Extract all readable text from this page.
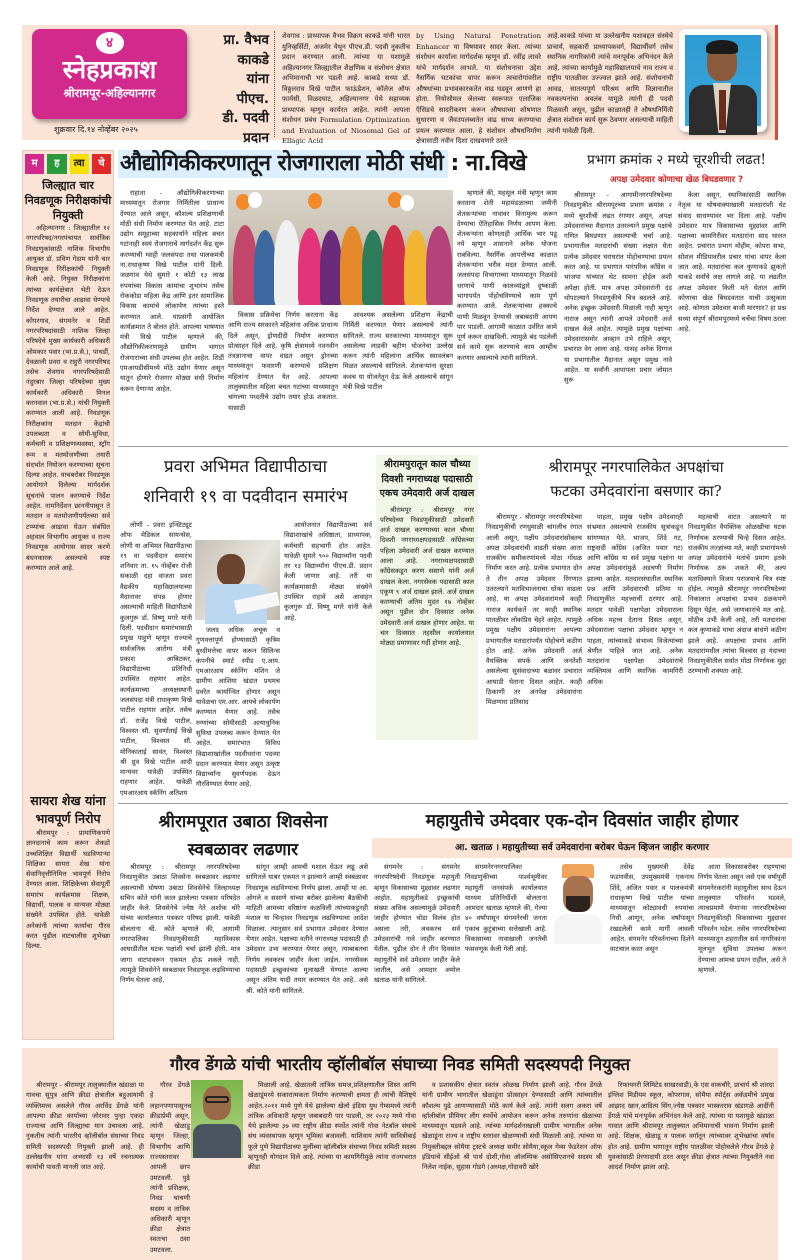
४
स्नेहप्रकाश
श्रीरामपूर-अहिल्यानगर
शुक्रवार दि.१४ नोव्हेंबर २०२५
प्रा. वैभव
काकडे
यांना
पीएच.
डी. पदवी
प्रदान
शेवगाव : प्राध्यापक वैभव विक्रम काकडे यांनी भारत युनिव्हर्सिटी, अजमेर येथून पीएच.डी. पदवी नुकतीच प्रदान करण्यात आली. त्यांच्या या यशामुळे अहिल्यानगर जिल्ह्यातील शैक्षणिक व संशोधन क्षेत्रात अभिमानाची भर पडली आहे. काकडे सध्या डॉ. विठ्ठलराव विखे पाटील फाऊंडेशन, कॉलेज ऑफ फार्मसी, विळदघाट, अहिल्यानगर येथे सहाय्यक प्राध्यापक म्हणून कार्यरत आहेत. त्यांनी आपला संशोधन प्रबंध Formulation Optimization and Evaluation of Niosomal Gel of Ellagic Acid
by Using Natural Penetration Enhancer या विषयावर सादर केला. त्यांच्या संशोधन कार्याला मार्गदर्शक म्हणून डॉ. रवींद्र लावरे यांचे मार्गदर्शन लाभले. या संशोधनाचा उद्देश नैसर्गिक घटकांचा वापर करून त्वचारोगांवरील औषधांच्या प्रभावकारकतेत वाढ घडवून आणणे हा होता. नियोसोमल जेलच्या स्वरूपात एलाजिक ऍसिडचे सादरीकरण करून औषधाच्या शोषणात सुधारणा व जैवउपलब्धतेत वाढ साध्य करण्याचा प्रयत्न करण्यात आला. हे संशोधन औषधनिर्माण क्षेत्रासाठी नवीन दिशा दाखवणारे ठरले
आहे.काकडे यांच्या या उल्लेखनीय यशाबद्दल संस्थेचे प्राचार्य, सहकारी प्राध्यापकवर्ग, विद्यार्थीवर्ग तसेच स्थानिक नागरिकांनी त्यांचे मनःपूर्वक अभिनंदन केले आहे. त्यांच्या कार्यामुळे महाविद्यालयाचे नाव राज्य व राष्ट्रीय पातळीवर उज्ज्वल झाले आहे. संशोधनाची आवड, सातत्यपूर्ण परिश्रम आणि विज्ञानातील नवकल्पनांचा अवलंब यामुळे त्यांनी ही पदवी मिळवली असून, पुढील काळातही ते औषधनिर्मिती क्षेत्रात संशोधन कार्य सुरू ठेवणार असल्याची माहिती त्यांनी यावेळी दिली.
म	ह	त्वा	चे
जिल्ह्यात चार निवडणूक निरीक्षकांची नियुक्ती

अहिल्यानगर : जिल्ह्यातील १२ नगरपरिषद/नगरपंचायत सार्वत्रिक निवडणुकांसाठी नाशिक विभागीय आयुक्त डॉ. प्रविण गेडाम यांनी चार निवडणूक निरीक्षकांची नियुक्ती केली आहे. नियुक्त निरीक्षकांना त्यांच्या कार्यक्षेत्रात भेटी देऊन निवडणूक तयारीचा आढावा घेण्याचे निर्देश देण्यात आले आहेत. कोपरगाव, संगमनेर व शिर्डी नगरपरिषदांसाठी नाशिक जिल्हा परिषदेचे मुख्य कार्यकारी अधिकारी ओमकार पवार (भा.प्र.से.), पाथर्डी, देवळाली प्रवरा व राहुरी नगरपरिषद तसेच शेवगाव नगरपरिषदेसाठी नंदुरबार जिल्हा परिषदेच्या मुख्य कार्यकारी अधिकारी मिनल करनवाल (भा.प्र.से.) यांची नियुक्ती करण्यात आली आहे. निवडणूक निरीक्षकांना मतदान केंद्रांची उपलब्धता व सोयी-सुविधा, कर्मचारी व प्रशिक्षणव्यवस्था, स्ट्राँग रूम व मतमोजणीच्या तयारी संदर्भात नियोजन करण्याच्या सूचना दिल्या आहेत. याचबरोबर निवडणूक आयोगाने दिलेल्या मार्गदर्शक सूचनांचे पालन करण्याचे निर्देश आहेत. नामनिर्देशन छाननीपासून ते मतदान व मतमोजणीपर्यंतच्या सर्व टप्प्यांचा आढावा घेऊन संबंधित अहवाल विभागीय आयुक्त व राज्य निवडणूक आयोगास सादर करणे बंधनकारक असल्याचे स्पष्ट करण्यात आले आहे.

सायरा शेख यांना भावपूर्ण निरोप

श्रीरामपूर : प्रामाणिकपणे ज्ञानदानाचे काम करून शेकडो उच्चशिक्षित विद्यार्थी घडविणाऱ्या शिक्षिका सायरा शेख यांना सेवानिवृत्तीनिमित्त भावपूर्ण निरोप देण्यात आला. शिक्षिकेच्या सेवापूर्ती समारंभ कार्यक्रमास शिक्षक, विद्यार्थी, पालक व मान्यवर मोठ्या संख्येने उपस्थित होते. यावेळी अनेकांनी त्यांच्या कार्याचा गौरव करत पुढील वाटचालीस शुभेच्छा दिल्या.

औद्योगिकीकरणातून रोजगाराला मोठी संधी : ना.विखे

राहाता - औद्योगिकीकरणाच्या माध्यमातून रोजगार निर्मितीला प्राधान्य देण्यात आले असून, कौशल्य प्रशिक्षणाची मोठी संधी निर्माण करण्यात येत आहे. टाटा उद्योग समूहाच्या सहकार्याने महिला बचत गटांनाही स्वयं रोजगाराचे मार्गदर्शन केंद्र सुरू करण्याची ग्वाही जलसंपदा तथा पालकमंत्री ना.राधाकृष्ण विखे पाटील यांनी दिली. जळगाव येथे सुमारे १ कोटी १३ लाख रुपयांच्या विकास कामांचा शुभारंभ तसेच रोककोडा महिला केंद्र आणि इतर सामाजिक विकास कामांचे लोकार्पण त्यांच्या हस्ते करण्यात आले. याप्रसंगी आयोजित कार्यक्रमात ते बोलत होते. आपल्या भाषणात मंत्री विखे पाटील म्हणाले की, औद्योगिकीकरणामुळे ग्रामीण भागात रोजगाराच्या संधी उपलब्ध होत आहेत. शिर्डी एमआयडीसीमध्ये मोठे उद्योग येणार असून यातून होणारे रोजगार मोठ्या संधी निर्माण करून देणाऱ्या आहेत.

विकास प्रक्रियेचा निर्णय करताना केंद्र आणि राज्य सरकारने महिलांना अधिक प्राधान्य दिले असून, ड्रोणदीदी निर्माण करण्यात प्रोत्साहन दिले आहे. कृषि क्षेत्रामध्ये नवनवीन तंत्रज्ञानाचा वापर वाढत असून ड्रोनच्या माध्यमातून फवारणी करण्याचे प्रशिक्षण महिलांना देण्यात येत आहे. आपल्या तालुक्यातील महिला बचत गटांच्या माध्यमातून चांगल्या पध्दतीचे उद्योग तयार होऊ शकतात. यासाठी

आवश्यक असलेल्या प्रशिक्षण केंद्राची निर्मिती करण्यात येणार असल्याचे त्यांनी सांगितले. राज्य सरकारच्या माध्यमातून सुरू असलेल्या लाडकी बहीण योजनेचा उल्लेख करून त्यांनी महिलांना आर्थिक स्वावलंबन मिळत असल्याचे सांगितले. शेतकऱ्यांना सुरक्षा कवच या योजनेतून देऊ केले असल्याचे सांगून मंत्री विखे पाटील

म्हणाले की, महसूल मंत्री म्हणून काम करताना शेती महामंडळाच्या जमीनी शेतकऱ्यांच्या नावावर विनामुल्य करून देण्याचा ऐतिहासिक निर्णय आपण केला. शेतकऱ्यांना कोणताही आर्थिक भार पडू नये म्हणून शासनाने अनेक योजना राबविल्या. नैसर्गिक आपत्तीच्या काळात शेतकऱ्यांना भरीव मदत देण्यात आली. जलसंपदा विभागाच्या माध्यमातून निळवंडे धरणाचे पाणी कालव्यांद्वारे दुष्काळी भागापर्यंत पोहोचविण्याचे काम पूर्ण करण्यात आले. शेतकऱ्यांच्या हक्काचे पाणी मिळवून देण्याची जबाबदारी आपण पार पाडली. आगामी काळात उर्वरित कामे पूर्ण करून दाखविली. त्यामुळे बंद पडलेली सर्व कामे सुरू करण्याचे काम आम्हीच करणार असल्याचे त्यांनी सांगितले.

प्रभाग क्रमांक २ मध्ये चूरशीची लढत!
अपक्ष उमेदवार कोणाचा खेळ बिघडवणार ?

श्रीरामपूर - आगामीनगरपरिषदेच्या निवडणुकीत श्रीरामपूरच्या प्रभाग क्रमांक २ मध्ये चुरशीची लढत रंगणार असून, अपक्ष उमेदवारांच्या मैदानात उतरल्याने प्रमुख पक्षांचे गणित बिघडणार असल्याची चर्चा आहे. प्रभागातील मतदारांची संख्या लक्षात घेता प्रत्येक उमेदवार घराघरांत पोहोचण्याचा प्रयत्न करत आहे. या प्रभागात पारंपरिक काँग्रेस व भाजपा यांच्यात थेट सामना होईल अशी अपेक्षा होती. मात्र अपक्ष उमेदवारांनी दंड थोपटल्याने निवडणुकीचे चित्र बदलले आहे. अनेक इच्छुक उमेदवारी मिळाली नाही म्हणून नाराज असून त्यांनी आपले उमेदवारी अर्ज दाखल केले आहेत. त्यामुळे प्रमुख पक्षांच्या उमेदवारांसमोर आव्हान उभे राहिले असून, प्रचारात वेग आला आहे. यासह अनेक दिग्गज या प्रभागातील मैदानात असून प्रमुख नावे आहेत. या सर्वांनी आपापला प्रचार जोमात सुरू

केला असून, स्थानिकांसाठी स्थानिक नेतृत्व या घोषवाक्याखाली मतदारांशी थेट संवाद साधण्यावर भर दिला आहे. पक्षीय उमेदवार मात्र विकासाच्या मुद्द्यांवर आणि पक्षाच्या कामगिरीवर मतदारांना साद घालत आहेत. प्रचारात प्रभाग मोहीम, कोपरा सभा, सोशल मीडियावरील प्रचार यांचा वापर केला जात आहे. मतदारांचा कल कुणाकडे झुकतो याकडे सर्वांचे लक्ष लागले आहे. या लढतीत अपक्ष उमेदवार किती मते घेतात आणि कोणाचा खेळ बिघडवतात याची उत्सुकता आहे. कोणता उमेदवार बाजी मारणार? हा प्रश्न सध्या संपूर्ण श्रीरामपूरमध्ये चर्चेचा विषय ठरला आहे.

प्रवरा अभिमत विद्यापीठाचा
शनिवारी १९ वा पदवीदान समारंभ

लोणी - प्रवरा इन्स्टिट्यूट ऑफ मेडिकल सायन्सेस, लोणी या अभिमत विद्यापीठाचा १९ वा पदवीदान समारंभ शनिवार ता. १५ नोव्हेंबर रोजी सकाळी दहा वाजता प्रवरा वैद्यकीय महाविद्यालयाच्या मैदानावर संपन्न होणार असल्याची माहिती विद्यापीठाचे कुलगुरू डॉ. विष्णू मगरे यांनी दिली. पदवीदान समारंभासाठी प्रमुख पाहुणे म्हणून राज्याचे सार्वजनिक आरोग्य मंत्री प्रकाश आबिटकर, विद्यापीठाच्या प्रतिनिधी उपस्थित राहणार आहेत. कार्यक्रमाच्या अध्यक्षस्थानी जलसंपदा मंत्री राधाकृष्ण विखे पाटील राहणार आहेत. तसेच डॉ. राजेंद्र विखे पाटील, विश्वस्त सौ. सुवर्णाताई विखे पाटील, विश्वस्त सौ. मोनिकाताई सावंत, विश्वस्त श्री ध्रुव विखे पाटील आदी मान्यवर यावेळी उपस्थित राहणार आहेत. यावेळी एमआरआय स्कॅनिंग अतिशय

जलद अधिक अचूक व गुणवत्तापूर्ण होण्यासाठी कृत्रिम बुध्दीमत्तेचा वापर करून सिलिन्स कंपनीचे स्मार्ट स्पीड ए.आय. एमआरआय स्कॅनिंग मशिन जे ग्रामीण आशिया खंडात प्रथमच प्रवरेत कार्यान्वित होणार असून यावेळचा एम.आर. आयचे लोकार्पण करण्यात येणार आहे. तसेच रुग्णांच्या सोयीसाठी अत्याधुनिक सुविधा उपलब्ध करून देण्यात येत आहेत. समारंभात विविध विद्याशाखांतील पदवीधरांना पदव्या प्रदान करण्यात येणार असून उत्कृष्ट विद्यार्थ्यांना सुवर्णपदक देऊन गौरविण्यात येणार आहे.

आयोजनात विद्यापीठाच्या सर्व विद्याशाखांचे अधिष्ठाता, प्राध्यापक, कर्मचारी सहभागी होत आहेत. यावेळी सुमारे ९०० विद्यार्थ्यांना पदवी तर १३ विद्यार्थ्यांना पीएच.डी. प्रदान केली जाणार आहे. तरी या कार्यक्रमासाठी मोठ्या संख्येने उपस्थित राहावे असे आवाहन कुलगुरू डॉ. विष्णू मगरे यांनी केले आहे.

श्रीरामपुरातून काल चौथ्या दिवशी नगराध्यक्ष पदासाठी एकच उमेदवारी अर्ज दाखल

श्रीरामपूर : श्रीरामपूर नगर परिषदेच्या निवडणुकीसाठी उमेदवारी अर्ज दाखल करण्याच्या काल चौथ्या दिवशी नगराध्यक्षपदासाठी काँग्रेसच्या पहिला उमेदवारी अर्ज दाखल करण्यात आला आहे. नगराध्यक्षपदासाठी काँग्रेसकडून करण ससाणे यांनी अर्ज दाखल केला. नगरसेवक पदासाठी काल एकूण ९ अर्ज दाखल झाले. अर्ज दाखल करण्याची अंतिम मुदत १७ नोव्हेंबर असून पुढील दोन दिवसात अनेक उमेदवारी अर्ज दाखल होणार आहेत. या चार दिवसात तहसील कार्यालयात मोठ्या प्रमाणावर गर्दी होणार आहे.

श्रीरामपूर नगरपालिकेत अपक्षांचा
फटका उमेदवारांना बसणार का?

श्रीरामपूर - श्रीरामपूर नगरपरिषदेच्या निवडणुकीची रणधुमाळी चांगलीच रंगात आली असून, पक्षीय उमेदवारांसोबतच अपक्ष उमेदवारांची वाढती संख्या आता राजकीय समीकरणांमध्ये मोठा गोंधळ निर्माण करत आहे. प्रत्येक प्रभागात दोन ते तीन अपक्ष उमेदवार रिंगणात उतरल्याने मतविभाजनाचा धोका वाढला आहे. या अपक्ष उमेदवारांमध्ये काही नाराज कार्यकर्ते तर काही स्थानिक पातळीवर लोकप्रिय चेहरे आहेत. त्यामुळे प्रमुख पक्षीय उमेदवारांना आपल्या प्रभागातील मतदारांपर्यंत पोहोचणे कठीण होत आहे. अनेक उमेदवारी अर्ज वैयक्तिक संपर्क आणि जनतेशी असलेल्या सुसंवादाच्या बळावर प्रचारात आघाडी घेताना दिसत आहेत. काही ठिकाणी तर अनपेक्ष उमेदवारांना मिळणारा प्रतिसाद

पाहता, प्रमुख पक्षीय उमेदवारही संभ्रमात असल्याचे राजकीय सूत्रांकडून सांगण्यात येते. भाजप, शिंदे गट, राष्ट्रवादी काँग्रेस (अजित पवार गट) आणि काँग्रेस या सर्व प्रमुख पक्षांना या अपक्ष उमेदवारांमुळे अडचणी निर्माण झाल्या आहेत. मतदारसंघातील स्थानिक प्रश्न आणि उमेदवाराची प्रतिमा या निवडणुकीत महत्त्वाची ठरणार आहे. मतदार यावेळी पक्षापेक्षा उमेदवाराला अधिक महत्त्व देताना दिसत असून, उमेदवाराला पक्षाचा उमेदवार म्हणून न पाहता, त्यांच्याकडे संभाव्य विजेत्यांच्या श्रेणीत पाहिले जात आहे. अनेक मतदारांना पक्षापेक्षा उमेदवाराचे व्यक्तिमत्व आणि स्थानिक कामगिरी अधिक

महत्वाची वाटत असल्याने या निवडणुकीत वैयक्तिक ओळखीचा घटक निर्णायक ठरण्याची चिन्हे दिसत आहेत. राजकीय तज्ज्ञांच्या मते, काही प्रभागांमध्ये अपक्ष उमेदवारांचे मतांचे प्रमाण इतके निर्णायक ठरू शकते की, अल्प मताधिक्याने विजय पराजयाचे चित्र स्पष्ट होईल. त्यामुळे श्रीरामपूर नगरपरिषदेच्या निकालात अपक्षांचा प्रभाव ठळकपणे दिसून येईल, असे जाणकारांचे मत आहे. मोठीच उभी केली आहे, तरी मतदारांचा कल कुणाकडे याचा अंदाज बांधणे कठीण झाले आहे. अपक्षांचा प्रभाव आणि मतदारांमधील त्यांचा विश्वास हा यंदाच्या निवडणुकीतील सर्वात मोठा निर्णायक मुद्दा ठरण्याची शक्यता आहे.

श्रीरामपूरात उबाठा शिवसेना
स्वबळावर लढणार

श्रीरामपूर : श्रीरामपूर नगरपरिषदेच्या निवडणुकीत उबाठा शिवसेना स्वबळावर लढणार असल्याची घोषणा उबाठा शिवसेनेचे जिल्हाध्यक्ष सचिन कोते यांनी काल झालेल्या पत्रकार परिषदेत जाहीर केले. शिवसेनेचे ज्येष्ठ नेते अशोक थोरे यांच्या कार्यालयात पत्रकार परिषद झाली. यावेळी बोलताना श्री. कोते म्हणाले की, आगामी नगरपालिका निवडणुकीसाठी महाविकास आघाडीतील घटक पक्षांशी चर्चा झाली होती. मात्र जागा वाटपावरून एकमत होऊ शकले नाही. त्यामुळे शिवसेनेने स्वबळावर निवडणूक लढविण्याचा निर्णय घेतला आहे.

सांगून आम्ही आमची मशाल घेऊन लढू असे सांगितले याबर एकमत न झाल्याने आम्ही स्वबळावर निवडणूक लढविण्याचा निर्णय झाला. आम्ही या आ. ओगले व ससाणे यांच्या बरोबर झालेल्या बैठकीची माहिती आमच्या वरिष्ठांना कळविली त्यांच्याकडूनही मशाल या चिन्हावर निवडणूक लढविण्याचा आदेश मिळाला. त्यानुसार सर्व प्रभागात उमेदवार देण्यात येणार आहेत. पक्षाच्या वतीने नगराध्यक्ष पदासाठी ही उमेदवार उभा करण्यात येणार असून, त्याबाबतचा निर्णय लवकरच जाहीर केला जाईल. नगरसेवक पदासाठी इच्छुकांच्या मुलाखती घेण्यात आल्या असून अंतिम यादी तयार करण्यात येत आहे. असे श्री. कोते यांनी सांगितले.

महायुतीचे उमेदवार एक-दोन दिवसांत जाहीर होणार
आ. खताळ । महायुतीच्या सर्व उमेदवारांना बरोबर घेऊन व्हिजन जाहीर करणार

संगमनेर : संगमनेर नगरपरिषदेची निवडणूक महायुती म्हणून विकासाच्या मुद्द्यावर लढणार आहोत. महायुतीकडे इच्छुकांची संख्या अधिक असल्यामुळे उमेदवारी जाहीर होण्यात थोडा विलंब होत असला तरी, लवकरच सर्व उमेदवारांची नावे जाहीर करण्यात येतील. पुढील दोन ते तीन दिवसांत महायुतीचे सर्व उमेदवार जाहीर केले जातील, असे आमदार अमोल खताळ यांनी सांगितले.

संगमनेरनगरपालिका निवडणुकीच्या पार्श्वभूमीवर महायुती जनसंपर्क कार्यालयात माध्यम प्रतिनिधींशी बोलताना आमदार खताळ म्हणाले की, गेल्या ४० वर्षांपासून संगमनेरची जनता एकाच कुटुंबाच्या सत्तेखाली आहे. विकासाच्या नावाखाली जनतेची फसवणूक केली गेली आहे.

तसेच मुख्यमंत्री देवेंद्र फडणवीस, उपमुख्यमंत्री एकनाथ शिंदे, अजित पवार व पालकमंत्री राधाकृष्ण विखे पाटील यांच्या माध्यमातून कोट्यावधी रुपयांचा निधी आणून, अनेक वर्षांपासून रखडलेली कामे मार्गी लावली आहेत. संगमनेर परिवर्तनाच्या दिशेने वाटचाल करत असून

आता विकासाबरोबर राहण्याचा निर्णय घेतला असून जसे एक वर्षापूर्वी संगमनेरकरांनी महायुतीला साथ देऊन तालुक्यात परिवर्तन घडवले, त्याचप्रमाणे येणाऱ्या नगरपरिषदेच्या निवडणुकीतही विकासाच्या मुद्द्यावर परिवर्तन घडेल. तसेच नगरपरिषदेच्या माध्यमातून शहरातील सर्व नागरिकांना मूलभूत सुविधा उपलब्ध करून देण्याचा आमचा प्रयत्न राहील, असे ते म्हणाले.

गौरव डेंगळे यांची भारतीय व्हॉलीबॉल संघाच्या निवड समिती सदस्यपदी नियुक्त

श्रीरामपूर - श्रीरामपूर तालुक्यातील खंडाळा या गावचा सुपुत्र आणि क्रीडा क्षेत्रातील बहुआयामी व्यक्तिमत्त्व असलेले गौरव अरविंद डेंगळे यांनी आपल्या क्रीडा कार्याच्या जोरावर पुन्हा एकदा राज्याचा आणि जिल्ह्याचा मान उंचावला आहे. नुकतीच त्यांनी भारतीय व्हॉलीबॉल संघाच्या निवड समिती सदस्यपदी नियुक्ती झाली आहे. ही उल्लेखनीय यांना अभ्यासी १३ वर्षे रचनात्मक कार्याची पावती मानली जात आहे.

गौरव डेंगळे हे लहानपणापासूनच क्रीडाप्रेमी असून, त्यांनी खेळाडू म्हणून जिल्हा, विभागीय आणि राज्यस्तरावर आपली छाप उमटवली. पुढे त्यांनी प्रशिक्षक, निवड चाचणी सदस्य व तांत्रिक अधिकारी म्हणून क्रीडा क्षेत्रात स्वतःचा ठसा उमटवला.

मिळाली आहे. खेळातली तांत्रिक समज,प्रशिक्षणातील शिस्त आणि खेळाडूंमध्ये सकारात्मकता निर्माण करण्याची क्षमता ही त्यांची वैशिष्ट्ये आहेत.२०११ मध्ये पुणे येथे झालेल्या खेलो इंडिया युथ गेम्समध्ये त्यांनी तांत्रिक अधिकारी म्हणून जबाबदारी पार पाडली, तर २०२३ मध्ये गोवा येथे झालेल्या ३७ व्या राष्ट्रीय क्रीडा स्पर्धेत त्यांनी गोवा नेटबॉल संघाचे संघ व्यवस्थापक म्हणून भूमिका बजावली. याशिवाय त्यांनी सावित्रीबाई फुले पुणे विद्यापीठाच्या मुलींच्या व्हॉलीबॉल संघाच्या निवड समिती सदस्य म्हणूनही योगदान दिले आहे. त्यांच्या या कामगिरीमुळे त्यांना राज्यभरात क्रीडा

व प्रशासकीय क्षेत्रात स्वतंत्र ओळख निर्माण झाली आहे. गौरव डेंगळे यांनी ग्रामीण भागातील खेळाडूंना प्रोत्साहन देण्यासाठी आणि त्यांच्यातील कौशल्य पुढे आणण्यासाठी मोठे कार्य केले आहे. त्यांनी सलग अकरा वर्षे व्हॉलीबॉल प्रीमियर लीग स्पर्धेचे आयोजन करून अनेक तरुणांना खेळाच्या माध्यमातून घडवले आहे. त्यांच्या मार्गदर्शनाखाली ग्रामीण भागातील अनेक खेळाडूंना राज्य व राष्ट्रीय स्तरावर खेळण्याची संधी मिळाली आहे. त्यांच्या या नियुक्तीबद्दल सोमैया ट्रस्टचे अध्यक्ष समीर सोमैया,स्कूल गेम्स फेडरेशन ऑफ इंडियाचे सीईओ श्री पार्थ दोशी,गोवा ऑलम्पिक असोसिएशनचे सदस्य श्री निलेश नाईक, सुहास गोडगे (अध्यक्ष,गोदावरी खोरे

रिफायनरी लिमिटेड साखरवाडी),के एस वाकचौरे, प्राचार्य श्री शारदा इंग्लिश मिडीयम स्कूल, कोपरगाव, सोमैया स्पोर्ट्स अकॅडमीचे प्रमुख आझाद खान,आदित्य सिंग,ज्येष्ठ पत्रकार भास्करराव खंडागळे आदींनी डेंगळे यांचे मनःपूर्वक अभिनंदन केले आहे. त्यांच्या या यशामुळे खंडाळा गावात आणि श्रीरामपूर तालुक्यात अभिमानाची भावना निर्माण झाली आहे. शिक्षक, खेळाडू व पालक वर्गातून त्यांच्यावर शुभेच्छांचा वर्षाव होत आहे. ग्रामीण भागातून राष्ट्रीय पातळीवर पोहोचलेले गौरव डेंगळे हे युवकांसाठी प्रेरणादायी ठरत असून क्रीडा क्षेत्रात त्यांच्या नियुक्तीने नवा आदर्श निर्माण झाला आहे.
